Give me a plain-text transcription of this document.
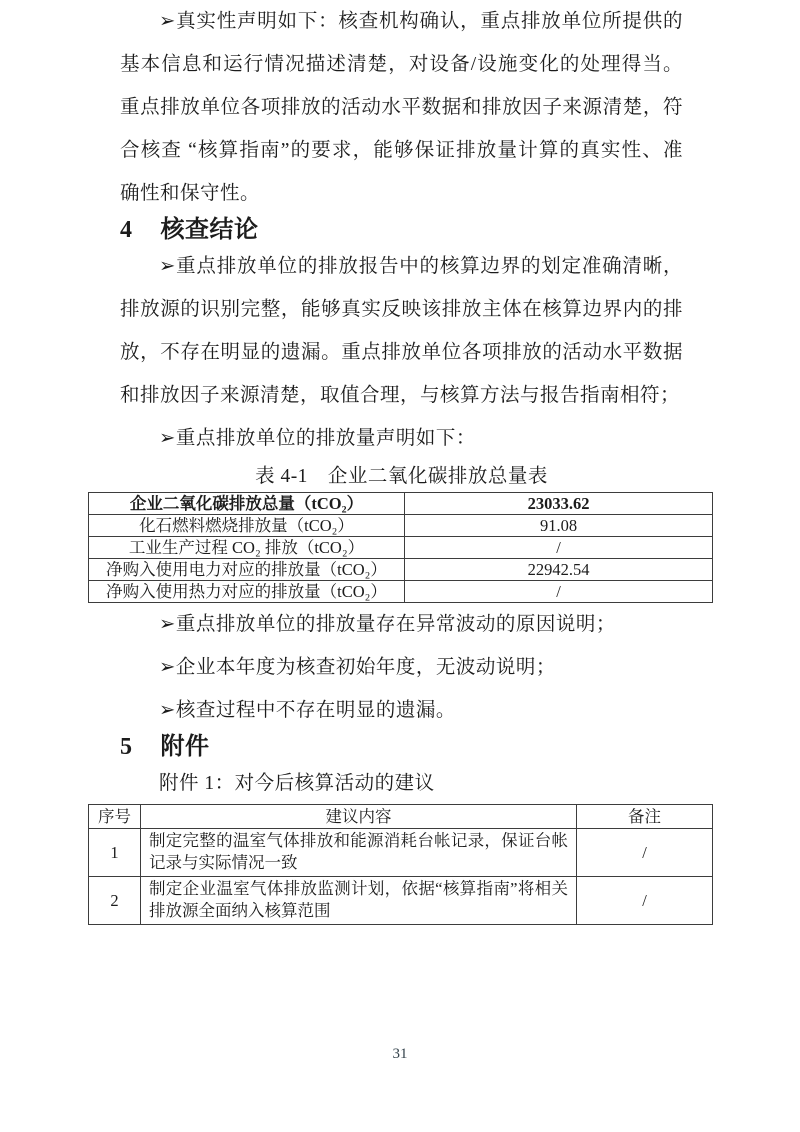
➢真实性声明如下：核查机构确认，重点排放单位所提供的基本信息和运行情况描述清楚，对设备/设施变化的处理得当。重点排放单位各项排放的活动水平数据和排放因子来源清楚，符合核查 “核算指南”的要求，能够保证排放量计算的真实性、准确性和保守性。

4 核查结论

➢重点排放单位的排放报告中的核算边界的划定准确清晰，排放源的识别完整，能够真实反映该排放主体在核算边界内的排放，不存在明显的遗漏。重点排放单位各项排放的活动水平数据和排放因子来源清楚，取值合理，与核算方法与报告指南相符；

➢重点排放单位的排放量声明如下：

表 4-1　企业二氧化碳排放总量表

企业二氧化碳排放总量（tCO₂）	23033.62
化石燃料燃烧排放量（tCO₂）	91.08
工业生产过程 CO₂ 排放（tCO₂）	/
净购入使用电力对应的排放量（tCO₂）	22942.54
净购入使用热力对应的排放量（tCO₂）	/

➢重点排放单位的排放量存在异常波动的原因说明；

➢企业本年度为核查初始年度，无波动说明；

➢核查过程中不存在明显的遗漏。

5 附件

附件 1：对今后核算活动的建议

序号	建议内容	备注
1	制定完整的温室气体排放和能源消耗台帐记录，保证台帐记录与实际情况一致	/
2	制定企业温室气体排放监测计划，依据“核算指南”将相关排放源全面纳入核算范围	/
31
